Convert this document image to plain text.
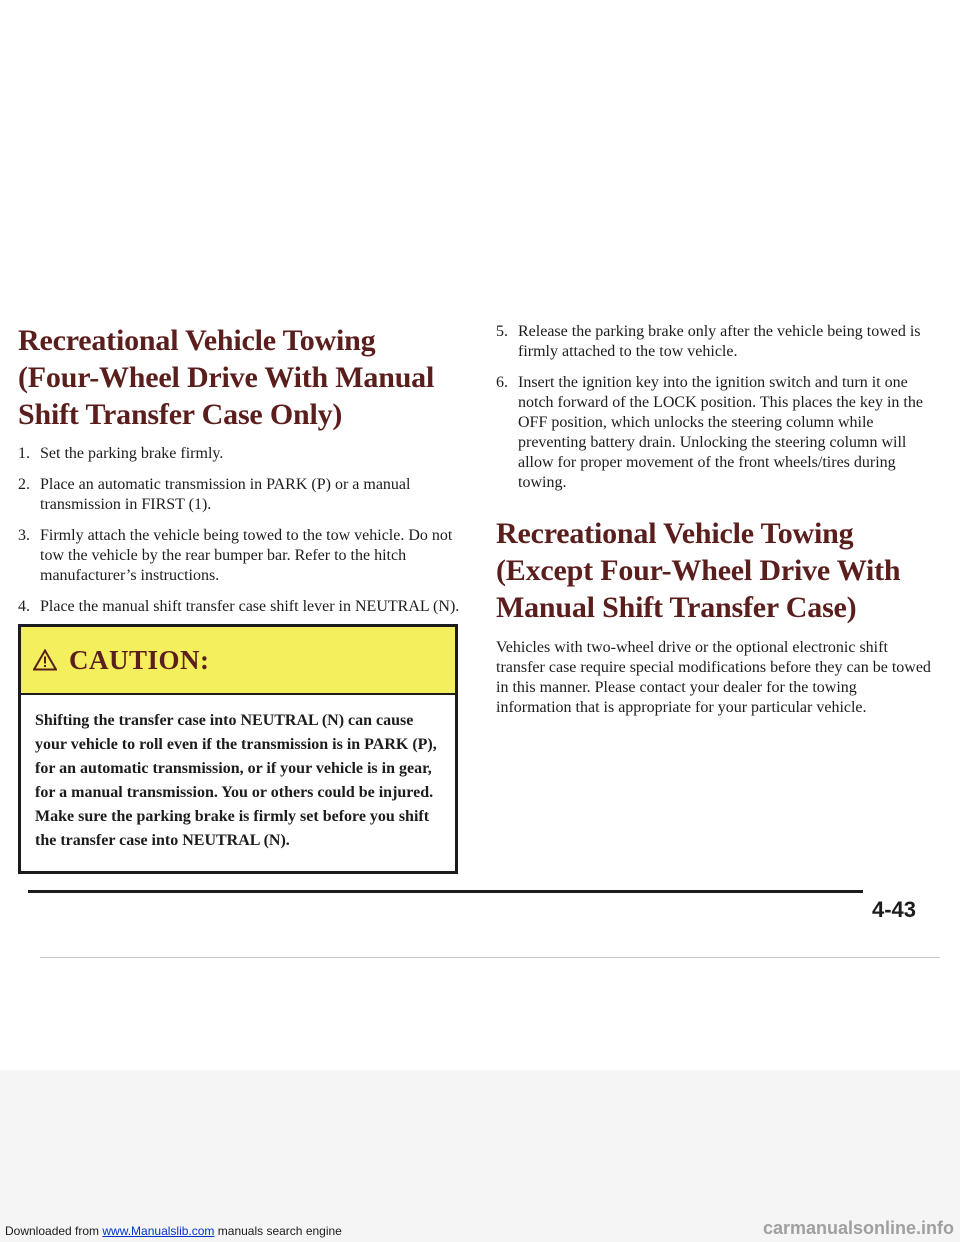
Recreational Vehicle Towing (Four-Wheel Drive With Manual Shift Transfer Case Only)
1. Set the parking brake firmly.
2. Place an automatic transmission in PARK (P) or a manual transmission in FIRST (1).
3. Firmly attach the vehicle being towed to the tow vehicle. Do not tow the vehicle by the rear bumper bar. Refer to the hitch manufacturer’s instructions.
4. Place the manual shift transfer case shift lever in NEUTRAL (N).
CAUTION:

Shifting the transfer case into NEUTRAL (N) can cause your vehicle to roll even if the transmission is in PARK (P), for an automatic transmission, or if your vehicle is in gear, for a manual transmission. You or others could be injured. Make sure the parking brake is firmly set before you shift the transfer case into NEUTRAL (N).

5. Release the parking brake only after the vehicle being towed is firmly attached to the tow vehicle.
6. Insert the ignition key into the ignition switch and turn it one notch forward of the LOCK position. This places the key in the OFF position, which unlocks the steering column while preventing battery drain. Unlocking the steering column will allow for proper movement of the front wheels/tires during towing.
Recreational Vehicle Towing (Except Four-Wheel Drive With Manual Shift Transfer Case)

Vehicles with two-wheel drive or the optional electronic shift transfer case require special modifications before they can be towed in this manner. Please contact your dealer for the towing information that is appropriate for your particular vehicle.

4-43
Downloaded from www.Manualslib.com manuals search engine	carmanualsonline.info
